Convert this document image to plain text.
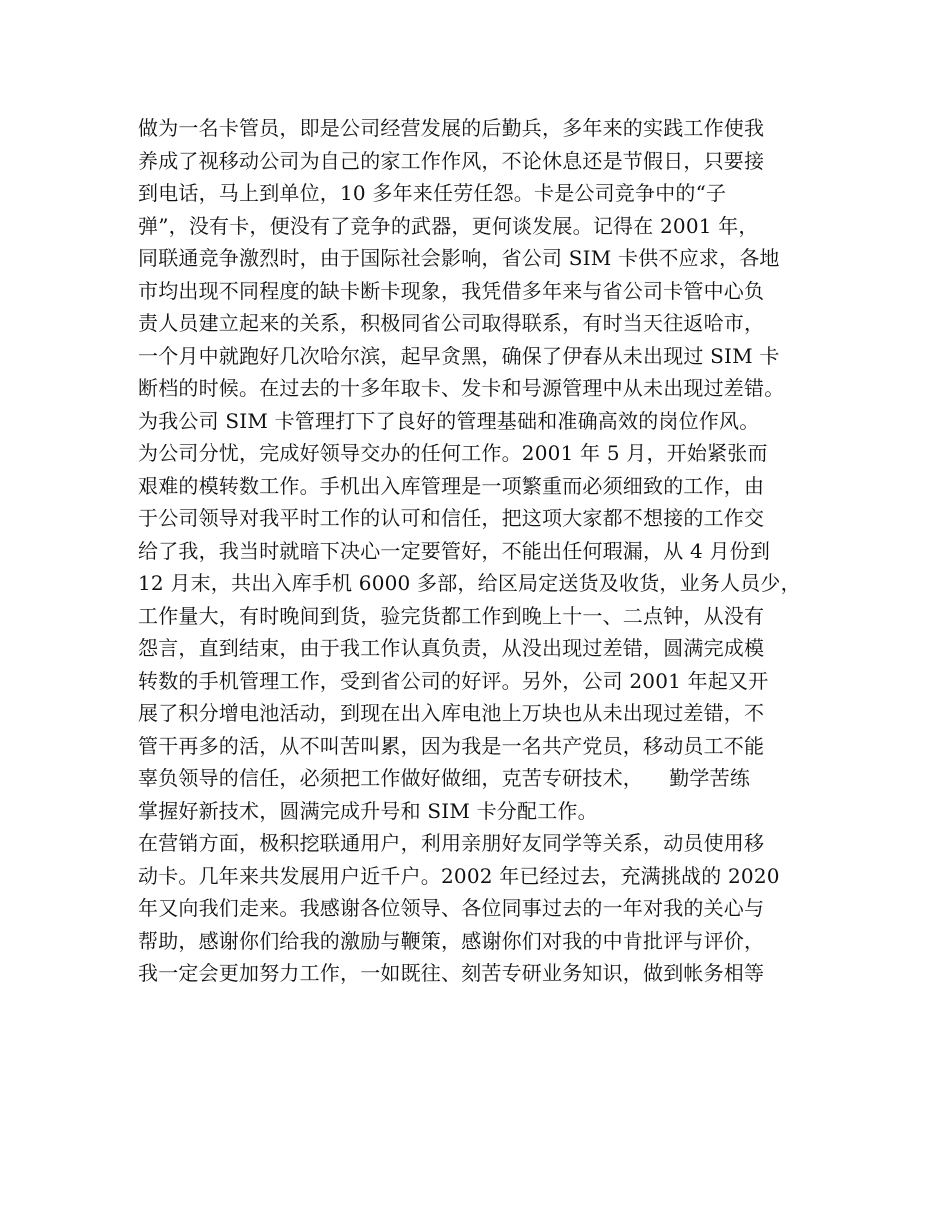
做为一名卡管员，即是公司经营发展的后勤兵，多年来的实践工作使我
养成了视移动公司为自己的家工作作风，不论休息还是节假日，只要接
到电话，马上到单位，10 多年来任劳任怨。卡是公司竞争中的“子
弹”，没有卡，便没有了竞争的武器，更何谈发展。记得在 2001 年，
同联通竞争激烈时，由于国际社会影响，省公司 SIM 卡供不应求，各地
市均出现不同程度的缺卡断卡现象，我凭借多年来与省公司卡管中心负
责人员建立起来的关系，积极同省公司取得联系，有时当天往返哈市，
一个月中就跑好几次哈尔滨，起早贪黑，确保了伊春从未出现过 SIM 卡
断档的时候。在过去的十多年取卡、发卡和号源管理中从未出现过差错。
为我公司 SIM 卡管理打下了良好的管理基础和准确高效的岗位作风。
为公司分忧，完成好领导交办的任何工作。2001 年 5 月，开始紧张而
艰难的模转数工作。手机出入库管理是一项繁重而必须细致的工作，由
于公司领导对我平时工作的认可和信任，把这项大家都不想接的工作交
给了我，我当时就暗下决心一定要管好，不能出任何瑕漏，从 4 月份到
12 月末，共出入库手机 6000 多部，给区局定送货及收货，业务人员少，
工作量大，有时晚间到货，验完货都工作到晚上十一、二点钟，从没有
怨言，直到结束，由于我工作认真负责，从没出现过差错，圆满完成模
转数的手机管理工作，受到省公司的好评。另外，公司 2001 年起又开
展了积分增电池活动，到现在出入库电池上万块也从未出现过差错，不
管干再多的活，从不叫苦叫累，因为我是一名共产党员，移动员工不能
辜负领导的信任，必须把工作做好做细，克苦专研技术，    勤学苦练
掌握好新技术，圆满完成升号和 SIM 卡分配工作。
在营销方面，极积挖联通用户，利用亲朋好友同学等关系，动员使用移
动卡。几年来共发展用户近千户。2002 年已经过去，充满挑战的 2020
年又向我们走来。我感谢各位领导、各位同事过去的一年对我的关心与
帮助，感谢你们给我的激励与鞭策，感谢你们对我的中肯批评与评价，
我一定会更加努力工作，一如既往、刻苦专研业务知识，做到帐务相等
